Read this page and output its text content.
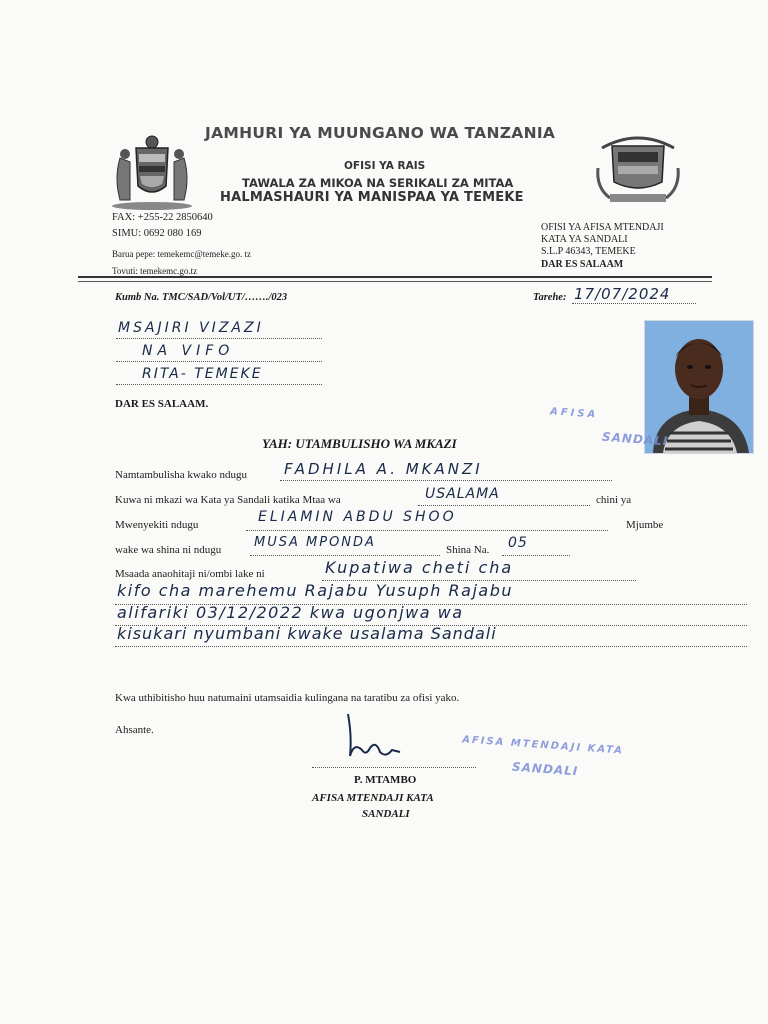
JAMHURI YA MUUNGANO WA TANZANIA
OFISI YA RAIS
TAWALA ZA MIKOA NA SERIKALI ZA MITAA
HALMASHAURI YA MANISPAA YA TEMEKE
FAX: +255-22 2850640
SIMU: 0692 080 169
Barua pepe: temekemc@temeke.go. tz
Tovuti: temekemc.go.tz
OFISI YA AFISA MTENDAJI
KATA YA SANDALI
S.L.P 46343, TEMEKE
DAR ES SALAAM
Kumb Na. TMC/SAD/Vol/UT/……./023	Tarehe: 17/07/2024
MSAJIRI VIZAZI
NA VIFO
RITA- TEMEKE
DAR ES SALAAM.
AFISA
SANDALI
YAH: UTAMBULISHO WA MKAZI
Namtambulisha kwako ndugu FADHILA A. MKANZI
Kuwa ni mkazi wa Kata ya Sandali katika Mtaa wa	USALAMA	chini ya
Mwenyekiti ndugu	ELIAMIN ABDU SHOO	Mjumbe
wake wa shina ni ndugu	MUSA MPONDA	Shina Na. 05
Msaada anaohitaji ni/ombi lake ni	Kupatiwa cheti cha
kifo cha marehemu Rajabu Yusuph Rajabu
alifariki 03/12/2022 kwa ugonjwa wa
kisukari nyumbani kwake usalama Sandali
Kwa uthibitisho huu natumaini utamsaidia kulingana na taratibu za ofisi yako.
Ahsante.
AFISA MTENDAJI KATA
SANDALI
P. MTAMBO
AFISA MTENDAJI KATA
SANDALI
